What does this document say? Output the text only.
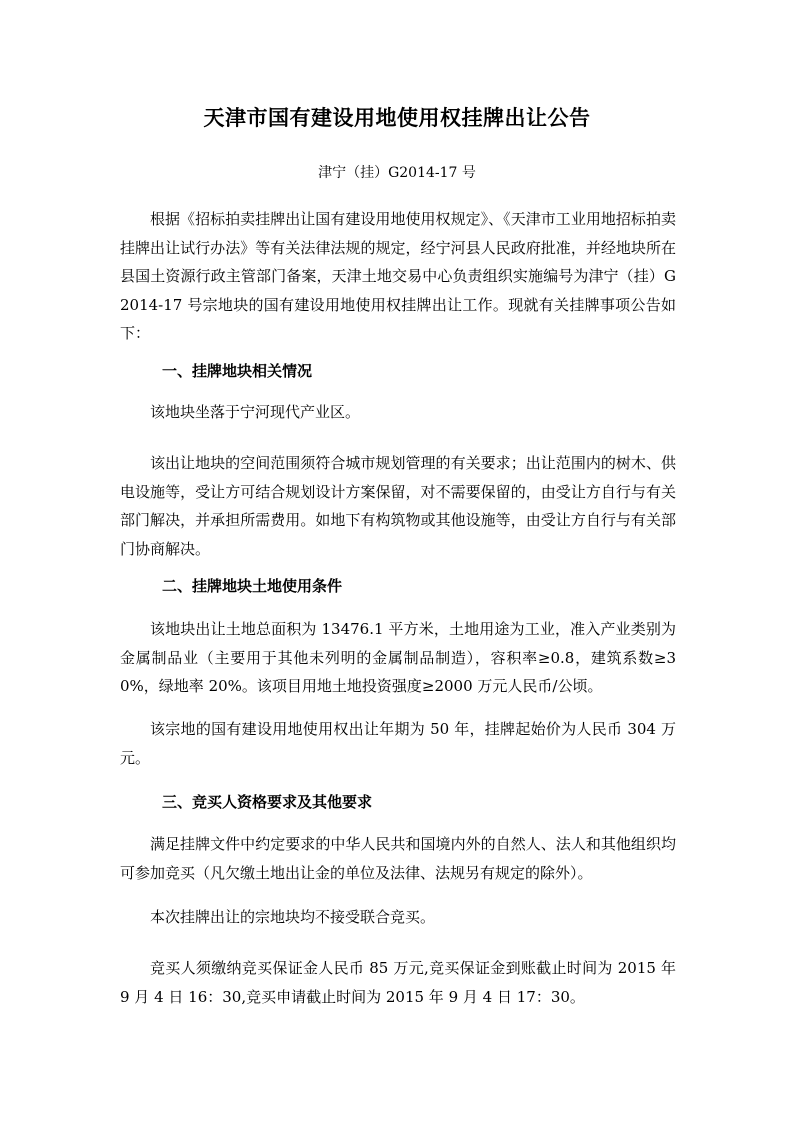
天津市国有建设用地使用权挂牌出让公告
津宁（挂）G2014-17 号
根据《招标拍卖挂牌出让国有建设用地使用权规定》、《天津市工业用地招标拍卖挂牌出让试行办法》等有关法律法规的规定，经宁河县人民政府批准，并经地块所在县国土资源行政主管部门备案，天津土地交易中心负责组织实施编号为津宁（挂）G2014-17 号宗地块的国有建设用地使用权挂牌出让工作。现就有关挂牌事项公告如下：
一、挂牌地块相关情况
该地块坐落于宁河现代产业区。
该出让地块的空间范围须符合城市规划管理的有关要求；出让范围内的树木、供电设施等，受让方可结合规划设计方案保留，对不需要保留的，由受让方自行与有关部门解决，并承担所需费用。如地下有构筑物或其他设施等，由受让方自行与有关部门协商解决。
二、挂牌地块土地使用条件
该地块出让土地总面积为 13476.1 平方米，土地用途为工业，准入产业类别为金属制品业（主要用于其他未列明的金属制品制造），容积率≥0.8，建筑系数≥30%，绿地率 20%。该项目用地土地投资强度≥2000 万元人民币/公顷。
该宗地的国有建设用地使用权出让年期为 50 年，挂牌起始价为人民币 304 万元。
三、竞买人资格要求及其他要求
满足挂牌文件中约定要求的中华人民共和国境内外的自然人、法人和其他组织均可参加竞买（凡欠缴土地出让金的单位及法律、法规另有规定的除外）。
本次挂牌出让的宗地块均不接受联合竞买。
竞买人须缴纳竞买保证金人民币 85 万元,竞买保证金到账截止时间为 2015 年 9 月 4 日 16：30,竞买申请截止时间为 2015 年 9 月 4 日 17：30。
